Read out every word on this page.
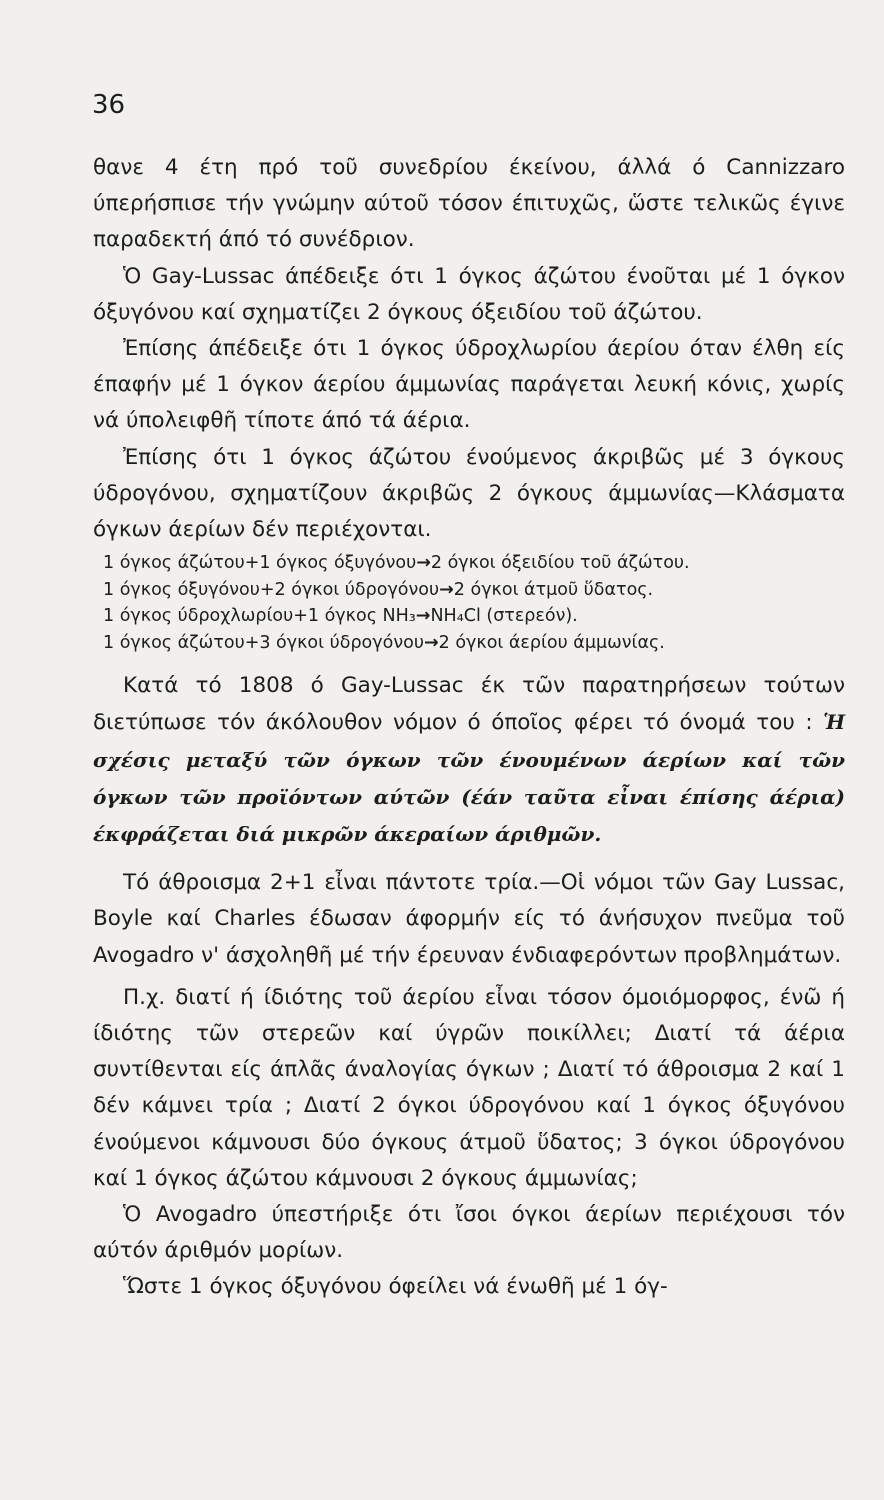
36

θανε 4 έτη πρό τοῦ συνεδρίου έκείνου, άλλά ό Cannizzaro ύπερήσπισε τήν γνώμην αύτοῦ τόσον έπιτυχῶς, ὥστε τελικῶς έγινε παραδεκτή άπό τό συνέδριον.

Ὁ Gay-Lussac άπέδειξε ότι 1 όγκος άζώτου ένοῦται μέ 1 όγκον όξυγόνου καί σχηματίζει 2 όγκους όξειδίου τοῦ άζώτου.

Ἐπίσης άπέδειξε ότι 1 όγκος ύδροχλωρίου άερίου όταν έλθη είς έπαφήν μέ 1 όγκον άερίου άμμωνίας παράγεται λευκή κόνις, χωρίς νά ύπολειφθῆ τίποτε άπό τά άέρια.

Ἐπίσης ότι 1 όγκος άζώτου ένούμενος άκριβῶς μέ 3 όγκους ύδρογόνου, σχηματίζουν άκριβῶς 2 όγκους άμμωνίας—Κλάσματα όγκων άερίων δέν περιέχονται.

1 όγκος άζώτου+1 όγκος όξυγόνου→2 όγκοι όξειδίου τοῦ άζώτου.
1 όγκος όξυγόνου+2 όγκοι ύδρογόνου→2 όγκοι άτμοῦ ὕδατος.
1 όγκος ύδροχλωρίου+1 όγκος NH₃→NH₄Cl (στερεόν).
1 όγκος άζώτου+3 όγκοι ύδρογόνου→2 όγκοι άερίου άμμωνίας.

Κατά τό 1808 ό Gay-Lussac έκ τῶν παρατηρήσεων τούτων διετύπωσε τόν άκόλουθον νόμον ό όποῖος φέρει τό όνομά του : Ἡ σχέσις μεταξύ τῶν όγκων τῶν ένουμένων άερίων καί τῶν όγκων τῶν προϊόντων αύτῶν (έάν ταῦτα εἶναι έπίσης άέρια) έκφράζεται διά μικρῶν άκεραίων άριθμῶν.

Τό άθροισμα 2+1 εἶναι πάντοτε τρία.—Οἱ νόμοι τῶν Gay Lussac, Boyle καί Charles έδωσαν άφορμήν είς τό άνήσυχον πνεῦμα τοῦ Avogadro ν' άσχοληθῆ μέ τήν έρευναν ένδιαφερόντων προβλημάτων.

Π.χ. διατί ή ίδιότης τοῦ άερίου εἶναι τόσον όμοιόμορφος, ένῶ ή ίδιότης τῶν στερεῶν καί ύγρῶν ποικίλλει; Διατί τά άέρια συντίθενται είς άπλᾶς άναλογίας όγκων ; Διατί τό άθροισμα 2 καί 1 δέν κάμνει τρία ; Διατί 2 όγκοι ύδρογόνου καί 1 όγκος όξυγόνου ένούμενοι κάμνουσι δύο όγκους άτμοῦ ὕδατος; 3 όγκοι ύδρογόνου καί 1 όγκος άζώτου κάμνουσι 2 όγκους άμμωνίας;

Ὁ Avogadro ύπεστήριξε ότι ἴσοι όγκοι άερίων περιέχουσι τόν αύτόν άριθμόν μορίων.

Ὥστε 1 όγκος όξυγόνου όφείλει νά ένωθῆ μέ 1 όγ-
